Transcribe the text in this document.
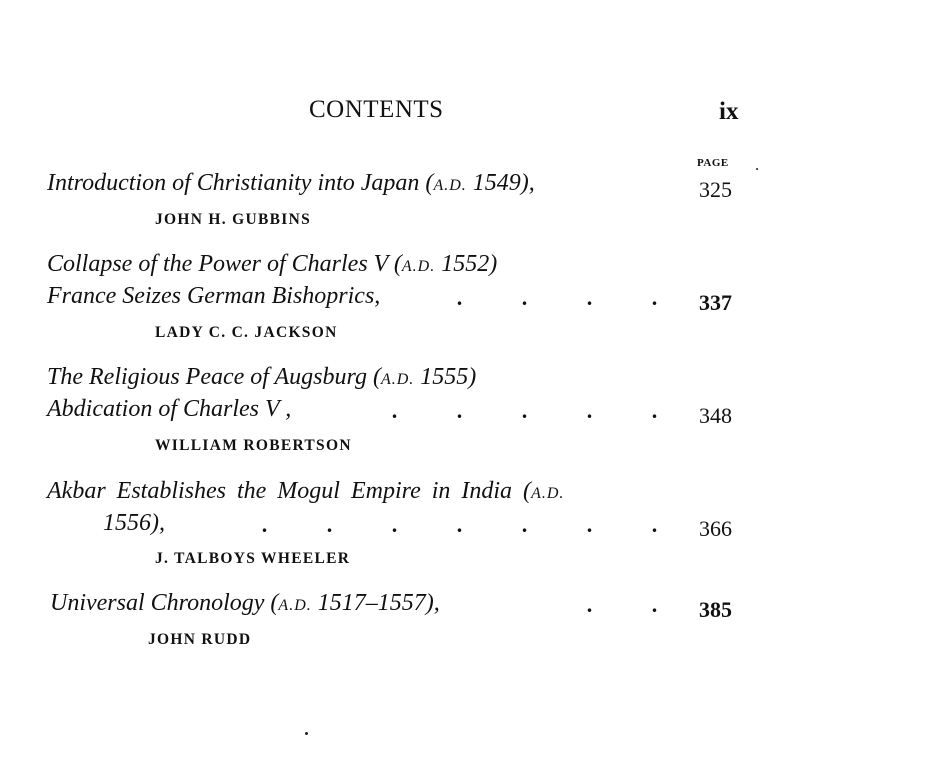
CONTENTS	ix
PAGE
Introduction of Christianity into Japan (A.D. 1549),	325
JOHN H. GUBBINS
Collapse of the Power of Charles V (A.D. 1552)
France Seizes German Bishoprics,	.	.	.	.	337
LADY C. C. JACKSON
The Religious Peace of Augsburg (A.D. 1555)
Abdication of Charles V ,	.	.	.	.	.	348
WILLIAM ROBERTSON
Akbar Establishes the Mogul Empire in India (A.D.
1556),	.	.	.	.	.	.	.	366
J. TALBOYS WHEELER
Universal Chronology (A.D. 1517–1557),	.	.	385
JOHN RUDD
